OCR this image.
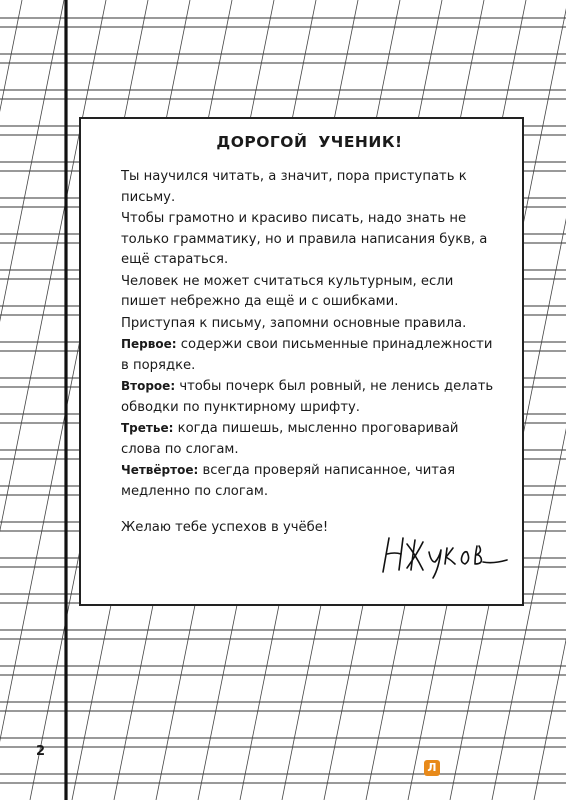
ДОРОГОЙ УЧЕНИК!

Ты научился читать, а значит, пора приступать к письму.

Чтобы грамотно и красиво писать, надо знать не только грамматику, но и правила написания букв, а ещё стараться.

Человек не может считаться культурным, если пишет небрежно да ещё и с ошибками.

Приступая к письму, запомни основные правила.

Первое: содержи свои письменные принадлежности в порядке.

Второе: чтобы почерк был ровный, не ленись делать обводки по пунктирному шрифту.

Третье: когда пишешь, мысленно проговаривай слова по слогам.

Четвёртое: всегда проверяй написанное, читая медленно по слогам.

Желаю тебе успехов в учёбе!
2
Л
